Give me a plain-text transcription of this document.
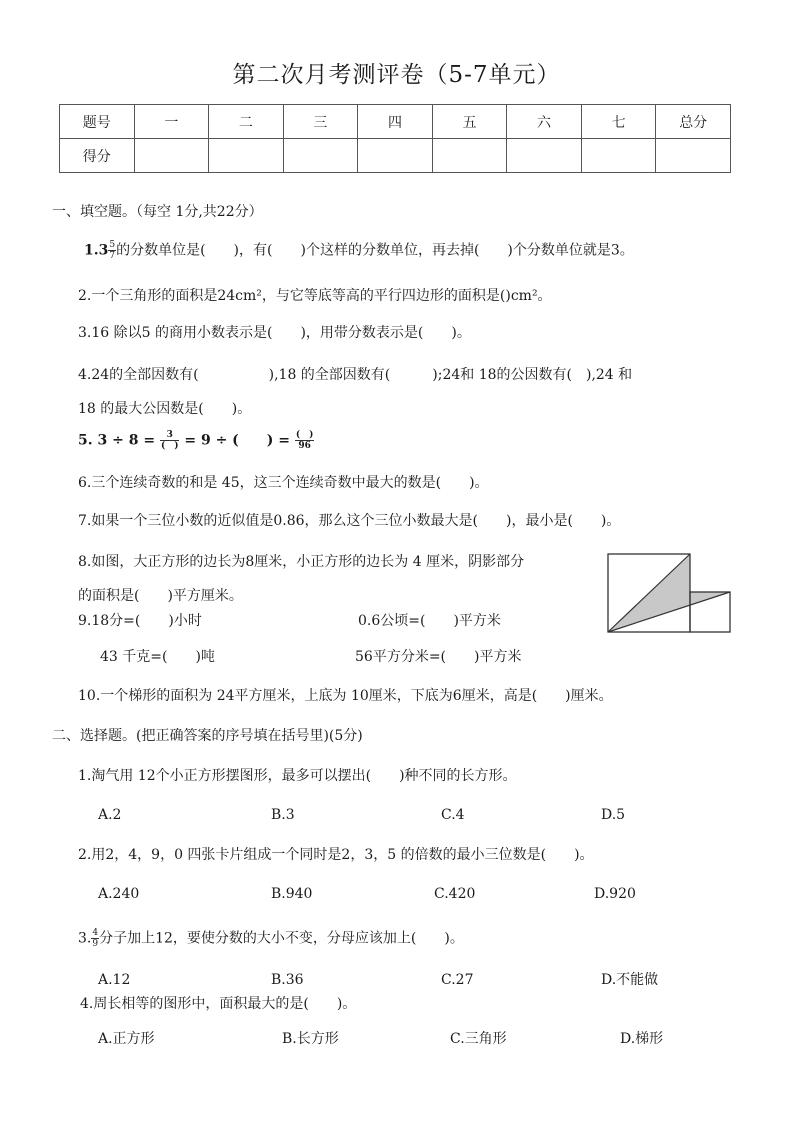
第二次月考测评卷（5-7单元）
题号	一	二	三	四	五	六	七	总分
得分								
一、填空题。（每空 1分,共22分）
$1.3 \frac{5}{7}$ 的分数单位是(　　)，有(　　)个这样的分数单位，再去掉(　　)个分数单位就是3。
2.一个三角形的面积是24cm²，与它等底等高的平行四边形的面积是()cm²。
3.16 除以5 的商用小数表示是(　　)，用带分数表示是(　　)。
4.24的全部因数有(　　　　　),18 的全部因数有(　　　);24和 18的公因数有(　),24 和
18 的最大公因数是(　　)。
5. $3 \div 8 = \frac{3}{( )} = 9$ ÷ (　　) = $\frac{( )}{96}$
6.三个连续奇数的和是 45，这三个连续奇数中最大的数是(　　)。
7.如果一个三位小数的近似值是0.86，那么这个三位小数最大是(　　)，最小是(　　)。
8.如图，大正方形的边长为8厘米，小正方形的边长为 4 厘米，阴影部分
的面积是(　　)平方厘米。
9.18分=(　　)小时	0.6公顷=(　　)平方米
43 千克=(　　)吨	56平方分米=(　　)平方米
10.一个梯形的面积为 24平方厘米，上底为 10厘米，下底为6厘米，高是(　　)厘米。
二、选择题。(把正确答案的序号填在括号里)(5分)
1.淘气用 12个小正方形摆图形，最多可以摆出(　　)种不同的长方形。
A.2	B.3	C.4	D.5
2.用2，4，9，0 四张卡片组成一个同时是2，3，5 的倍数的最小三位数是(　　)。
A.240	B.940	C.420	D.920
3. $\frac{4}{9}$ 分子加上12，要使分数的大小不变，分母应该加上(　　)。
A.12	B.36	C.27	D.不能做
4.周长相等的图形中，面积最大的是(　　)。
A.正方形	B.长方形	C.三角形	D.梯形
